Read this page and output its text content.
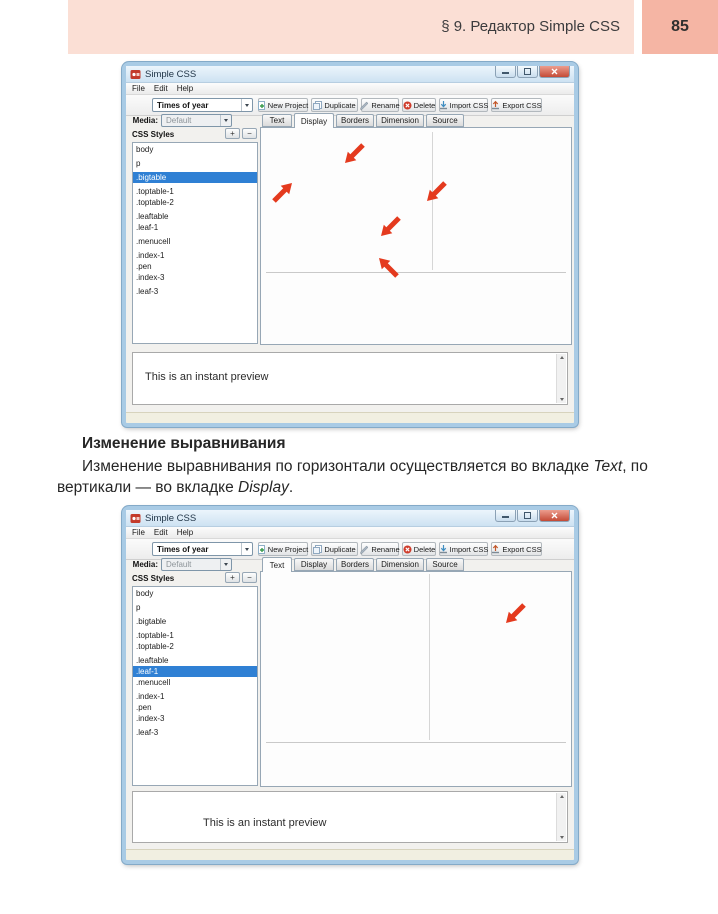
§ 9. Редактор Simple CSS	85
Simple CSS
File Edit Help
Times of year	New Project Duplicate Rename Delete Import CSS Export CSS
Media: Default
CSS Styles	+	−
body
p
.bigtable
.toptable-1
.toptable-2
.leaftable
.leaf-1
.menucell
.index-1
.pen
.index-3
.leaf-3
Text	Display	Borders	Dimension	Source
This is an instant preview
Изменение выравнивания

Изменение выравнивания по горизонтали осуществляется во вкладке Text, по вертикали — во вкладке Display.

Simple CSS
File Edit Help
Times of year	New Project Duplicate Rename Delete Import CSS Export CSS
Media: Default
CSS Styles	+	−
body
p
.bigtable
.toptable-1
.toptable-2
.leaftable
.leaf-1
.menucell
.index-1
.pen
.index-3
.leaf-3
Text	Display	Borders	Dimension	Source
This is an instant preview
